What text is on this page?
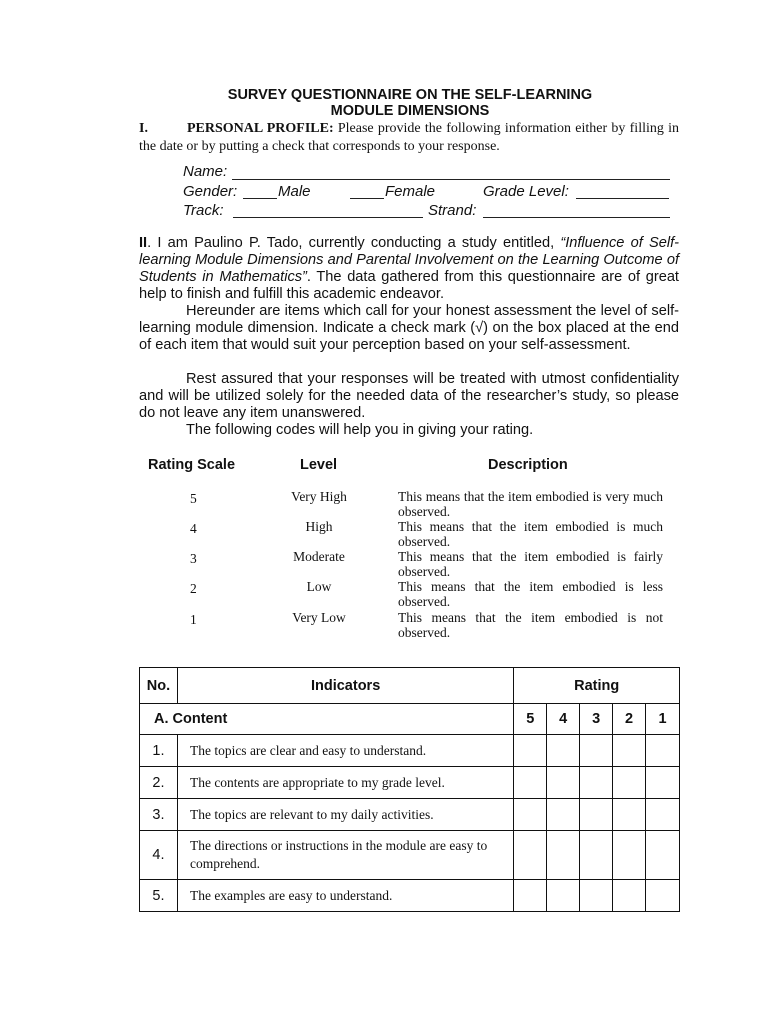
SURVEY QUESTIONNAIRE ON THE SELF-LEARNING
MODULE DIMENSIONS
I.	PERSONAL PROFILE: Please provide the following information either by filling in the date or by putting a check that corresponds to your response.
Name:
Gender:	Male	Female	Grade Level:
Track:	Strand:
II. I am Paulino P. Tado, currently conducting a study entitled, “Influence of Self-learning Module Dimensions and Parental Involvement on the Learning Outcome of Students in Mathematics”. The data gathered from this questionnaire are of great help to finish and fulfill this academic endeavor.
Hereunder are items which call for your honest assessment the level of self-learning module dimension. Indicate a check mark (√) on the box placed at the end of each item that would suit your perception based on your self-assessment.
Rest assured that your responses will be treated with utmost confidentiality and will be utilized solely for the needed data of the researcher’s study, so please do not leave any item unanswered.
The following codes will help you in giving your rating.
Rating Scale	Level	Description
5	Very High	This means that the item embodied is very much observed.
4	High	This means that the item embodied is much observed.
3	Moderate	This means that the item embodied is fairly observed.
2	Low	This means that the item embodied is less observed.
1	Very Low	This means that the item embodied is not observed.
No.	Indicators	Rating				
A. Content		5	4	3	2	1
1.	The topics are clear and easy to understand.					
2.	The contents are appropriate to my grade level.					
3.	The topics are relevant to my daily activities.					
4.	The directions or instructions in the module are easy to comprehend.					
5.	The examples are easy to understand.					
